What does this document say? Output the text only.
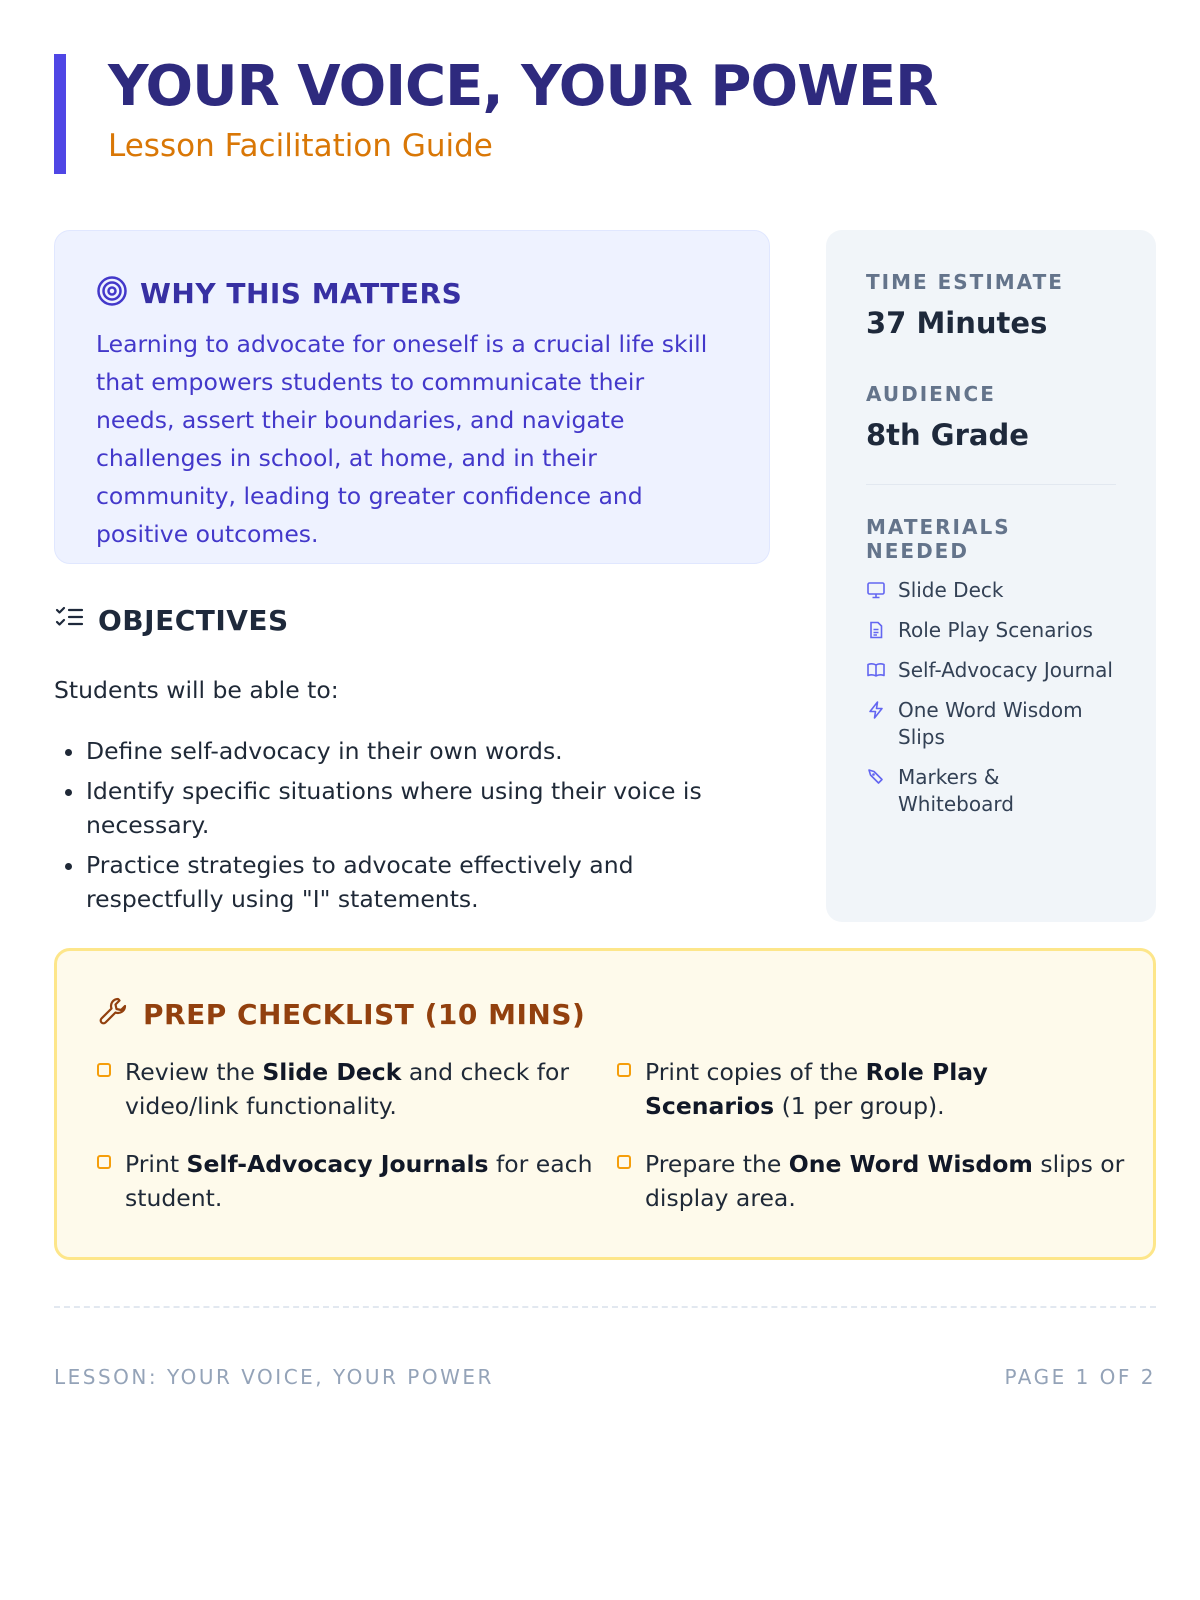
YOUR VOICE, YOUR POWER
Lesson Facilitation Guide
WHY THIS MATTERS
Learning to advocate for oneself is a crucial life skill that empowers students to communicate their needs, assert their boundaries, and navigate challenges in school, at home, and in their community, leading to greater confidence and positive outcomes.
TIME ESTIMATE
37 Minutes
AUDIENCE
8th Grade
MATERIALS NEEDED
Slide Deck
Role Play Scenarios
Self-Advocacy Journal
One Word Wisdom Slips
Markers & Whiteboard
OBJECTIVES
Students will be able to:
• Define self-advocacy in their own words.
• Identify specific situations where using their voice is necessary.
• Practice strategies to advocate effectively and respectfully using "I" statements.
PREP CHECKLIST (10 MINS)
Review the Slide Deck and check for video/link functionality.
Print copies of the Role Play Scenarios (1 per group).
Print Self-Advocacy Journals for each student.
Prepare the One Word Wisdom slips or display area.
LESSON: YOUR VOICE, YOUR POWER	PAGE 1 OF 2
